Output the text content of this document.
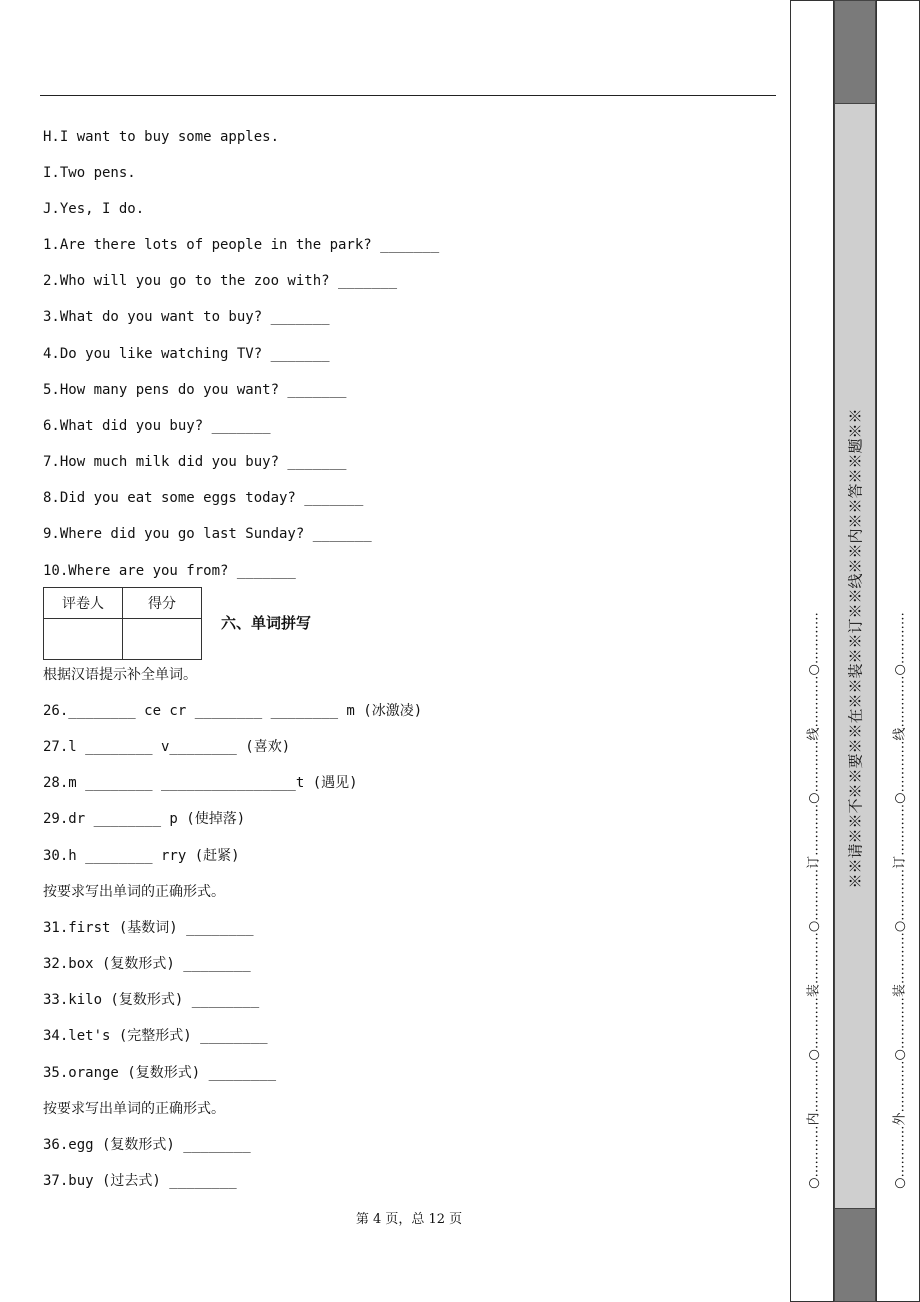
H.I want to buy some apples.
I.Two pens.
J.Yes, I do.
1.Are there lots of people in the park? _______
2.Who will you go to the zoo with? _______
3.What do you want to buy? _______
4.Do you like watching TV? _______
5.How many pens do you want? _______
6.What did you buy? _______
7.How much milk did you buy? _______
8.Did you eat some eggs today? _______
9.Where did you go last Sunday? _______
10.Where are you from? _______
评卷人	得分

六、单词拼写
根据汉语提示补全单词。
26.________ ce cr ________ ________ m (冰激凌)
27.l ________ v________ (喜欢)
28.m ________ ________________t (遇见)
29.dr ________ p (使掉落)
30.h ________ rry (赶紧)
按要求写出单词的正确形式。
31.first (基数词) ________
32.box (复数形式) ________
33.kilo (复数形式) ________
34.let's (完整形式) ________
35.orange (复数形式) ________
按要求写出单词的正确形式。
36.egg (复数形式) ________
37.buy (过去式) ________
第 4 页，总 12 页
○…………内…………○…………装…………○…………订…………○…………线…………○………… ※※请※※不※※要※※在※※装※※订※※线※※内※※答※※题※※	○…………外…………○…………装…………○…………订…………○…………线…………○…………
